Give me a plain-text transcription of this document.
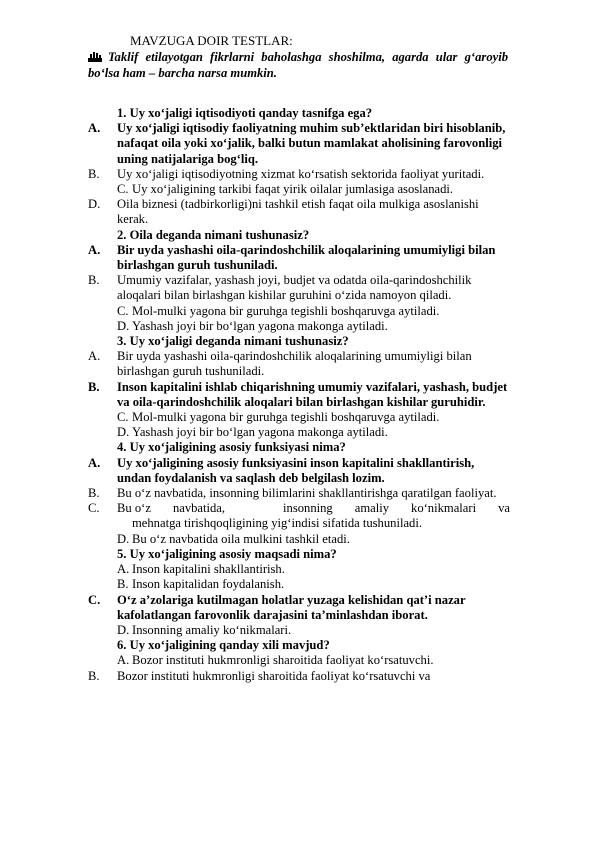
MAVZUGA DOIR TESTLAR:
Taklif etilayotgan fikrlarni baholashga shoshilma, agarda ular g‘aroyib bo‘lsa ham – barcha narsa mumkin.
1. Uy xo‘jaligi iqtisodiyoti qanday tasnifga ega?
A. Uy xo‘jaligi iqtisodiy faoliyatning muhim sub’ektlaridan biri hisoblanib, nafaqat oila yoki xo‘jalik, balki butun mamlakat aholisining farovonligi uning natijalariga bog‘liq.
B. Uy xo‘jaligi iqtisodiyotning xizmat ko‘rsatish sektorida faoliyat yuritadi.
C. Uy xo‘jaligining tarkibi faqat yirik oilalar jumlasiga asoslanadi.
D. Oila biznesi (tadbirkorligi)ni tashkil etish faqat oila mulkiga asoslanishi kerak.
2. Oila deganda nimani tushunasiz?
A. Bir uyda yashashi oila-qarindoshchilik aloqalarining umumiyligi bilan birlashgan guruh tushuniladi.
B. Umumiy vazifalar, yashash joyi, budjet va odatda oila-qarindoshchilik aloqalari bilan birlashgan kishilar guruhini o‘zida namoyon qiladi.
C. Mol-mulki yagona bir guruhga tegishli boshqaruvga aytiladi.
D. Yashash joyi bir bo‘lgan yagona makonga aytiladi.
3. Uy xo‘jaligi deganda nimani tushunasiz?
A. Bir uyda yashashi oila-qarindoshchilik aloqalarining umumiyligi bilan birlashgan guruh tushuniladi.
B. Inson kapitalini ishlab chiqarishning umumiy vazifalari, yashash, budjet va oila-qarindoshchilik aloqalari bilan birlashgan kishilar guruhidir.
C. Mol-mulki yagona bir guruhga tegishli boshqaruvga aytiladi.
D. Yashash joyi bir bo‘lgan yagona makonga aytiladi.
4. Uy xo‘jaligining asosiy funksiyasi nima?
A. Uy xo‘jaligining asosiy funksiyasini inson kapitalini shakllantirish, undan foydalanish va saqlash deb belgilash lozim.
B. Bu o‘z navbatida, insonning bilimlarini shakllantirishga qaratilgan faoliyat.
C. Bu o‘z navbatida,	insonning amaliy ko‘nikmalari va
mehnatga tirishqoqligining yig‘indisi sifatida tushuniladi.
D. Bu o‘z navbatida oila mulkini tashkil etadi.
5. Uy xo‘jaligining asosiy maqsadi nima?
A. Inson kapitalini shakllantirish.
B. Inson kapitalidan foydalanish.
C. O‘z a’zolariga kutilmagan holatlar yuzaga kelishidan qat’i nazar kafolatlangan farovonlik darajasini ta’minlashdan iborat.
D. Insonning amaliy ko‘nikmalari.
6. Uy xo‘jaligining qanday xili mavjud?
A. Bozor instituti hukmronligi sharoitida faoliyat ko‘rsatuvchi.
B. Bozor instituti hukmronligi sharoitida faoliyat ko‘rsatuvchi va
